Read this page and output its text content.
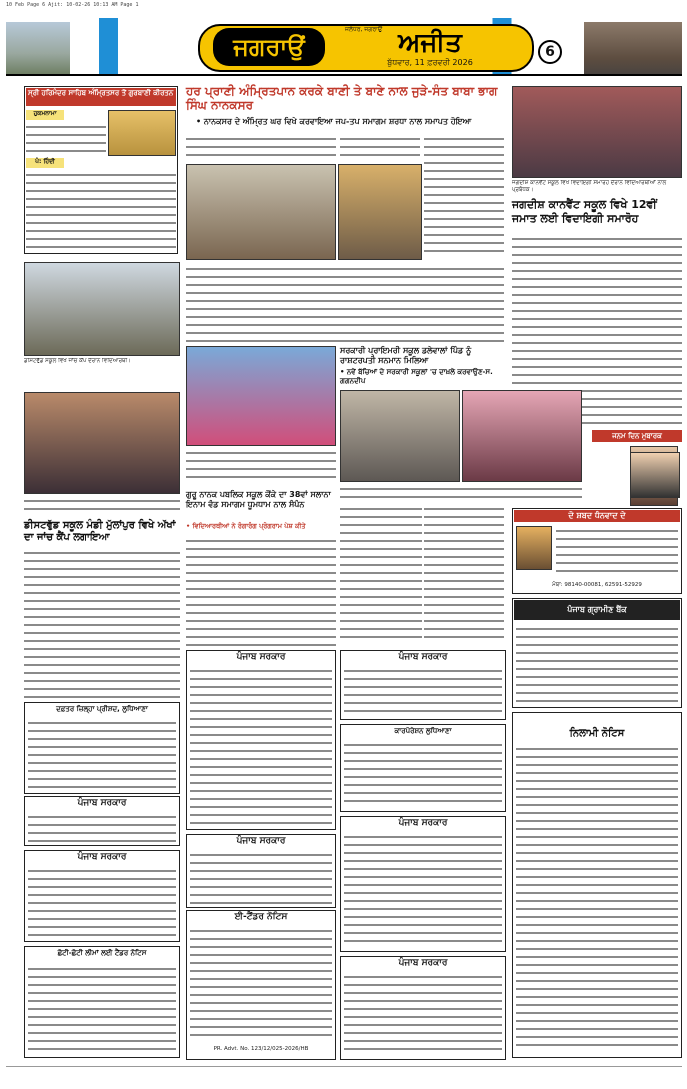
10 Feb Page 6 Ajit: 10-02-26 10:13 AM Page 1
ਜਗਰਾਉਂ
ਜਲੰਧਰ, ਜਗਰਾਉਂ ਅਜੀਤ
ਬੁੱਧਵਾਰ, 11 ਫ਼ਰਵਰੀ 2026
6
ਹਰ ਪ੍ਰਾਣੀ ਅੰਮ੍ਰਿਤਪਾਨ ਕਰਕੇ ਬਾਣੀ ਤੇ ਬਾਣੇ ਨਾਲ ਜੁੜੇ-ਸੰਤ ਬਾਬਾ ਭਾਗ ਸਿੰਘ ਨਾਨਕਸਰ
• ਨਾਨਕਸਰ ਦੇ ਅੰਮ੍ਰਿਤ ਘਰ ਵਿਖੇ ਕਰਵਾਇਆ ਜਪ-ਤਪ ਸਮਾਗਮ ਸ਼ਰਧਾ ਨਾਲ ਸਮਾਪਤ ਹੋਇਆ
ਸ੍ਰੀ ਹਰਿਮੰਦਰ ਸਾਹਿਬ ਅੰਮ੍ਰਿਤਸਰ ਤੋਂ ਗੁਰਬਾਣੀ ਕੀਰਤਨ
ਹੁਕਮਨਾਮਾ
ਪੰ: ਹਿੰਦੀ
ਜਗਦੀਸ਼ ਕਾਨਵੈਂਟ ਸਕੂਲ ਵਿਖੇ ਵਿਦਾਇਗੀ ਸਮਾਰੋਹ ਦੌਰਾਨ ਵਿਦਿਆਰਥੀਆਂ ਨਾਲ ਪ੍ਰਬੰਧਕ।
ਜਗਦੀਸ਼ ਕਾਨਵੈਂਟ ਸਕੂਲ ਵਿਖੇ 12ਵੀਂ ਜਮਾਤ ਲਈ ਵਿਦਾਇਗੀ ਸਮਾਰੋਹ
ਜਨਮ ਦਿਨ ਮੁਬਾਰਕ
ਡੀਸਟਵੁੱਡ ਸਕੂਲ ਵਿਖੇ ਜਾਂਚ ਕੈਂਪ ਦੌਰਾਨ ਵਿਦਿਆਰਥੀ।
ਸਰਕਾਰੀ ਪ੍ਰਾਇਮਰੀ ਸਕੂਲ ਡਲੇਵਾਲਾਂ ਪਿੰਡ ਨੂੰ ਰਾਸ਼ਟਰਪਤੀ ਸਨਮਾਨ ਮਿਲਿਆ
• ਨਵੇਂ ਬੱਚਿਆਂ ਦੇ ਸਰਕਾਰੀ ਸਕੂਲਾਂ 'ਚ ਦਾਖ਼ਲੇ ਕਰਵਾਉਣ-ਸ. ਗਗਨਦੀਪ
ਗੁਰੂ ਨਾਨਕ ਪਬਲਿਕ ਸਕੂਲ ਕੌਂਕੇ ਦਾ 38ਵਾਂ ਸਲਾਨਾ ਇਨਾਮ ਵੰਡ ਸਮਾਗਮ ਧੂਮਧਾਮ ਨਾਲ ਸੰਪੰਨ
• ਵਿਦਿਆਰਥੀਆਂ ਨੇ ਰੰਗਾਰੰਗ ਪ੍ਰੋਗਰਾਮ ਪੇਸ਼ ਕੀਤੇ
ਡੀਸਟਵੁੱਡ ਸਕੂਲ ਮੰਡੀ ਮੁੱਲਾਂਪੁਰ ਵਿਖੇ ਅੱਖਾਂ ਦਾ ਜਾਂਚ ਕੈਂਪ ਲਗਾਇਆ
ਦੋ ਸ਼ਬਦ ਧੰਨਵਾਦ ਦੇ
ਮੋਬਾ: 98140-00081, 62591-52929
ਦਫ਼ਤਰ ਜ਼ਿਲ੍ਹਾ ਪ੍ਰੀਸ਼ਦ, ਲੁਧਿਆਣਾ
ਪੰਜਾਬ ਸਰਕਾਰ
ਪੰਜਾਬ ਸਰਕਾਰ
ਛੋਟੀ-ਛੋਟੀ ਲੀਮਾਂ ਲਈ ਟੈਂਡਰ ਨੋਟਿਸ
ਪੰਜਾਬ ਸਰਕਾਰ
ਪੰਜਾਬ ਸਰਕਾਰ
ਈ-ਟੈਂਡਰ ਨੋਟਿਸ
PR. Advt. No. 123/12/025-2026/HB
ਪੰਜਾਬ ਸਰਕਾਰ
ਕਾਰਪੋਰੇਸ਼ਨ ਲੁਧਿਆਣਾ
ਪੰਜਾਬ ਸਰਕਾਰ
ਪੰਜਾਬ ਸਰਕਾਰ
ਪੰਜਾਬ ਗ੍ਰਾਮੀਣ ਬੈਂਕ
ਨਿਲਾਮੀ ਨੋਟਿਸ
